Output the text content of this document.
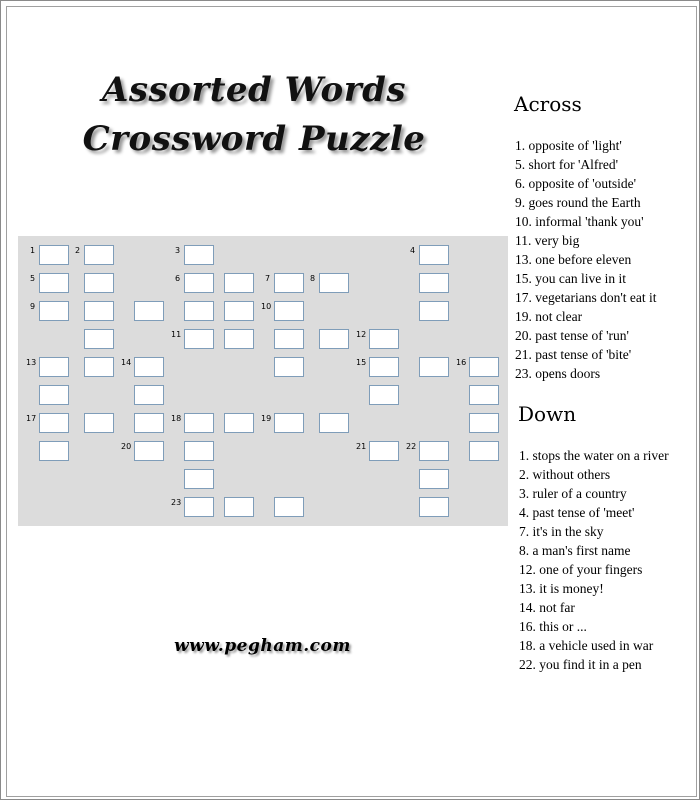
Assorted Words
Crossword Puzzle
1	2	3	4
5	6	7	8
9	10
11	12
13	14	15	16
17	18	19
20	21	22
23
Across
1. opposite of 'light'
5. short for 'Alfred'
6. opposite of 'outside'
9. goes round the Earth
10. informal 'thank you'
11. very big
13. one before eleven
15. you can live in it
17. vegetarians don't eat it
19. not clear
20. past tense of 'run'
21. past tense of 'bite'
23. opens doors
Down
1. stops the water on a river
2. without others
3. ruler of a country
4. past tense of 'meet'
7. it's in the sky
8. a man's first name
12. one of your fingers
13. it is money!
14. not far
16. this or ...
18. a vehicle used in war
22. you find it in a pen
www.pegham.com
